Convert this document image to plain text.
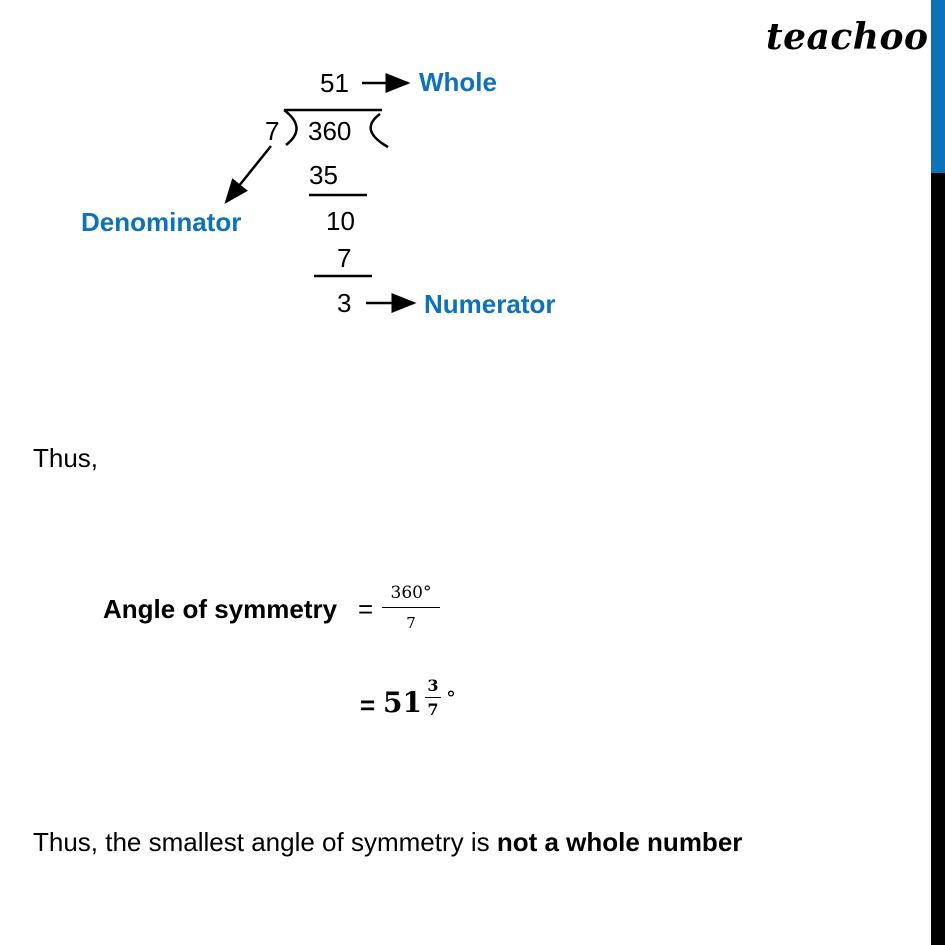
teachoo
51
7 360
35
10
7
3
Whole
Denominator
Numerator
Thus,
Angle of symmetry = $\frac{360^\circ}{7}$
= $51 \frac{3}{7}$ °
Thus, the smallest angle of symmetry is not a whole number
